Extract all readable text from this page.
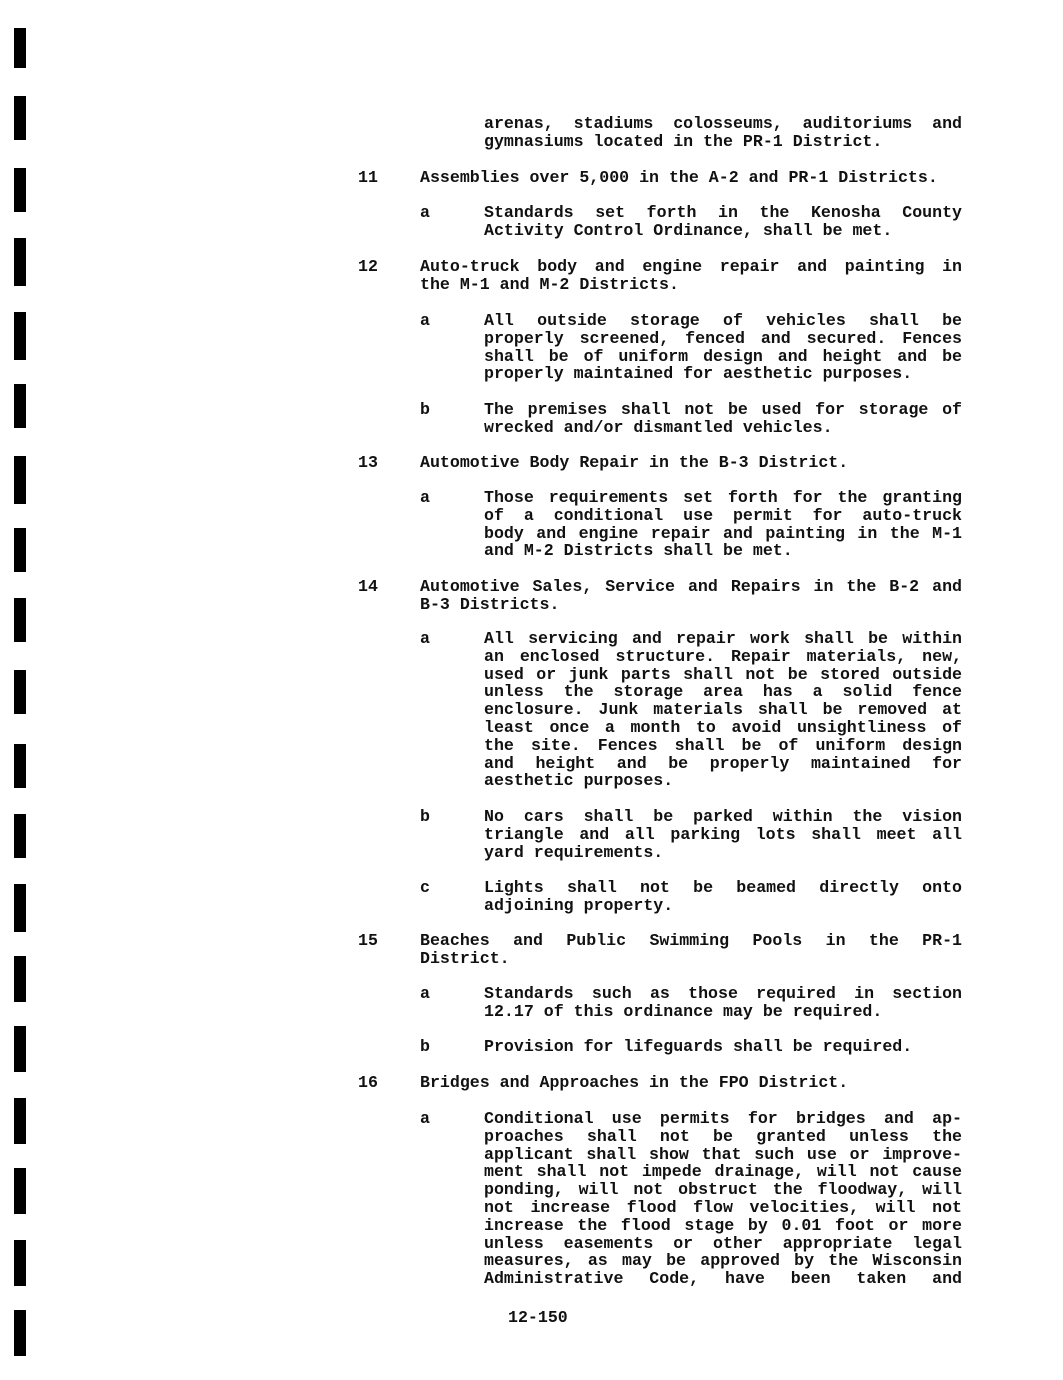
arenas, stadiums colosseums, auditoriums and
gymnasiums located in the PR-1 District.
11	Assemblies over 5,000 in the A-2 and PR-1 Districts.
a	Standards set forth in the Kenosha County
Activity Control Ordinance, shall be met.
12	Auto-truck body and engine repair and painting in
the M-1 and M-2 Districts.
a	All outside storage of vehicles shall be
properly screened, fenced and secured. Fences
shall be of uniform design and height and be
properly maintained for aesthetic purposes.
b	The premises shall not be used for storage of
wrecked and/or dismantled vehicles.
13	Automotive Body Repair in the B-3 District.
a	Those requirements set forth for the granting
of a conditional use permit for auto-truck
body and engine repair and painting in the M-1
and M-2 Districts shall be met.
14	Automotive Sales, Service and Repairs in the B-2 and
B-3 Districts.
a	All servicing and repair work shall be within
an enclosed structure. Repair materials, new,
used or junk parts shall not be stored outside
unless the storage area has a solid fence
enclosure. Junk materials shall be removed at
least once a month to avoid unsightliness of
the site. Fences shall be of uniform design
and height and be properly maintained for
aesthetic purposes.
b	No cars shall be parked within the vision
triangle and all parking lots shall meet all
yard requirements.
c	Lights shall not be beamed directly onto
adjoining property.
15	Beaches and Public Swimming Pools in the PR-1
District.
a	Standards such as those required in section
12.17 of this ordinance may be required.
b	Provision for lifeguards shall be required.
16	Bridges and Approaches in the FPO District.
a	Conditional use permits for bridges and ap-
proaches shall not be granted unless the
applicant shall show that such use or improve-
ment shall not impede drainage, will not cause
ponding, will not obstruct the floodway, will
not increase flood flow velocities, will not
increase the flood stage by 0.01 foot or more
unless easements or other appropriate legal
measures, as may be approved by the Wisconsin
Administrative Code, have been taken and
12-150
